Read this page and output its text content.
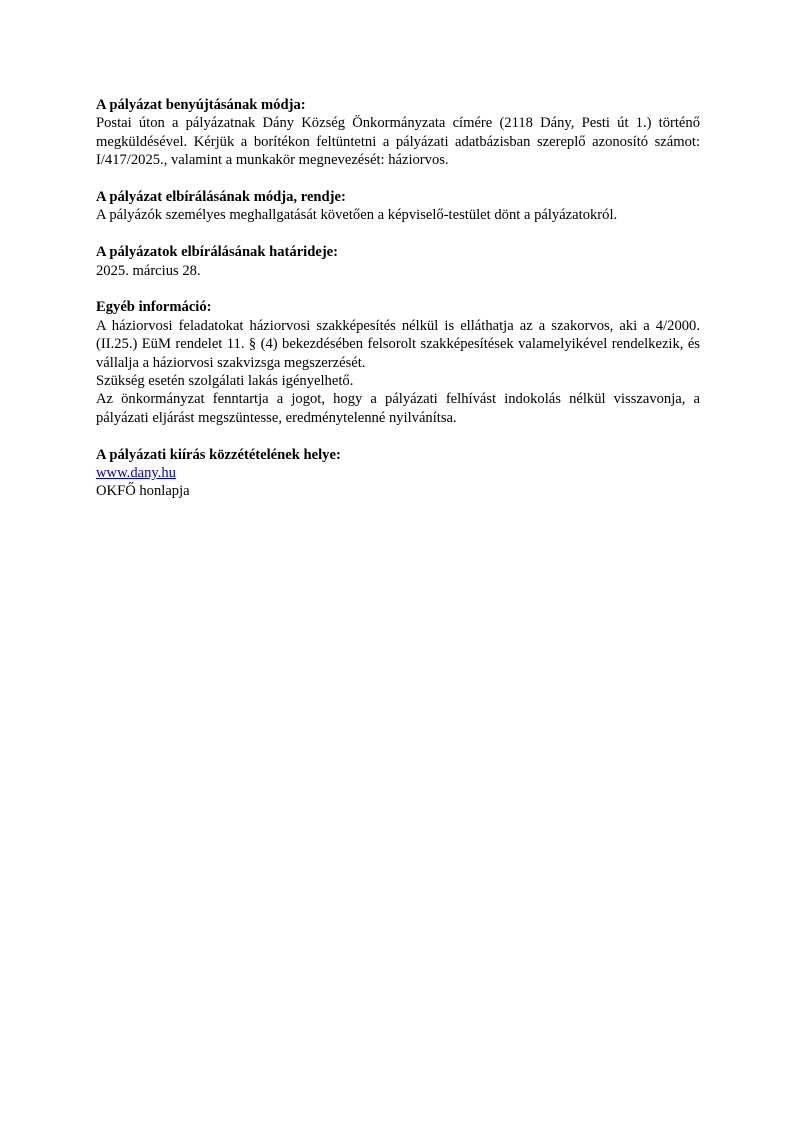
A pályázat benyújtásának módja:

Postai úton a pályázatnak Dány Község Önkormányzata címére (2118 Dány, Pesti út 1.) történő megküldésével. Kérjük a borítékon feltüntetni a pályázati adatbázisban szereplő azonosító számot: I/417/2025., valamint a munkakör megnevezését: háziorvos.

A pályázat elbírálásának módja, rendje:

A pályázók személyes meghallgatását követően a képviselő-testület dönt a pályázatokról.

A pályázatok elbírálásának határideje:

2025. március 28.

Egyéb információ:

A háziorvosi feladatokat háziorvosi szakképesítés nélkül is elláthatja az a szakorvos, aki a 4/2000. (II.25.) EüM rendelet 11. § (4) bekezdésében felsorolt szakképesítések valamelyikével rendelkezik, és vállalja a háziorvosi szakvizsga megszerzését.

Szükség esetén szolgálati lakás igényelhető.

Az önkormányzat fenntartja a jogot, hogy a pályázati felhívást indokolás nélkül visszavonja, a pályázati eljárást megszüntesse, eredménytelenné nyilvánítsa.

A pályázati kiírás közzétételének helye:

www.dany.hu

OKFŐ honlapja
